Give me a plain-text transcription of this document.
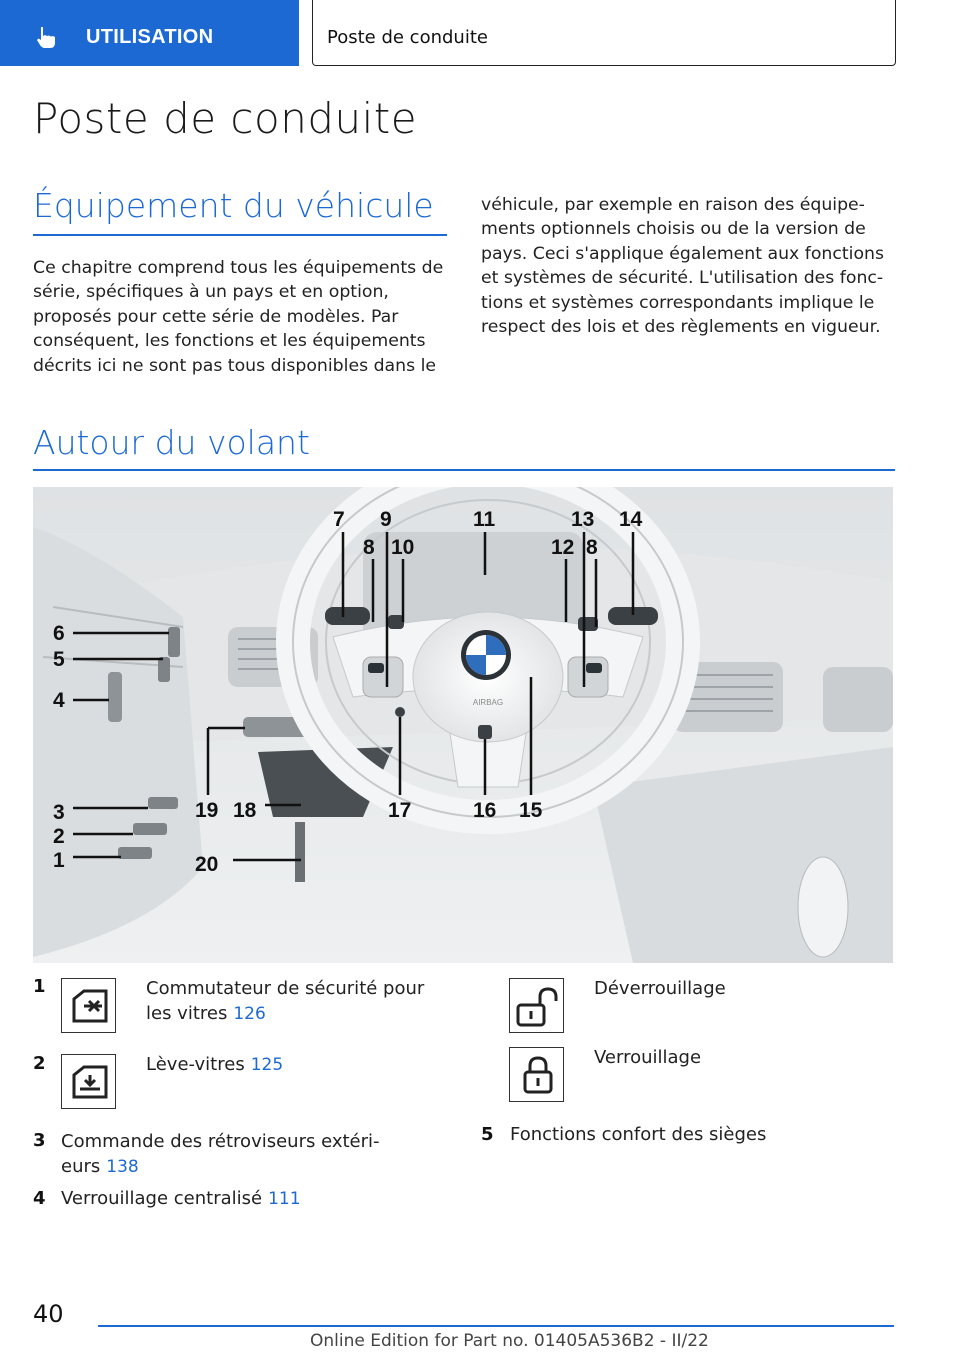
UTILISATION	Poste de conduite
Poste de conduite
Équipement du véhicule
Ce chapitre comprend tous les équipements de série, spécifiques à un pays et en option, proposés pour cette série de modèles. Par conséquent, les fonctions et les équipements décrits ici ne sont pas tous disponibles dans le
véhicule, par exemple en raison des équipe‐ments optionnels choisis ou de la version de pays. Ceci s'applique également aux fonctions et systèmes de sécurité. L'utilisation des fonc‐tions et systèmes correspondants implique le respect des lois et des règlements en vigueur.
Autour du volant
AIRBAG
7 9	11	13 14
8 10	12 8
6
5
4
3
2
1
19 18	17	16 15
20
1	Commutateur de sécurité pour les vitres 126
2	Lève-vitres 125
3 Commande des rétroviseurs extéri‐
eurs 138
4 Verrouillage centralisé 111
Déverrouillage
Verrouillage
5 Fonctions confort des sièges
40
Online Edition for Part no. 01405A536B2 - II/22
